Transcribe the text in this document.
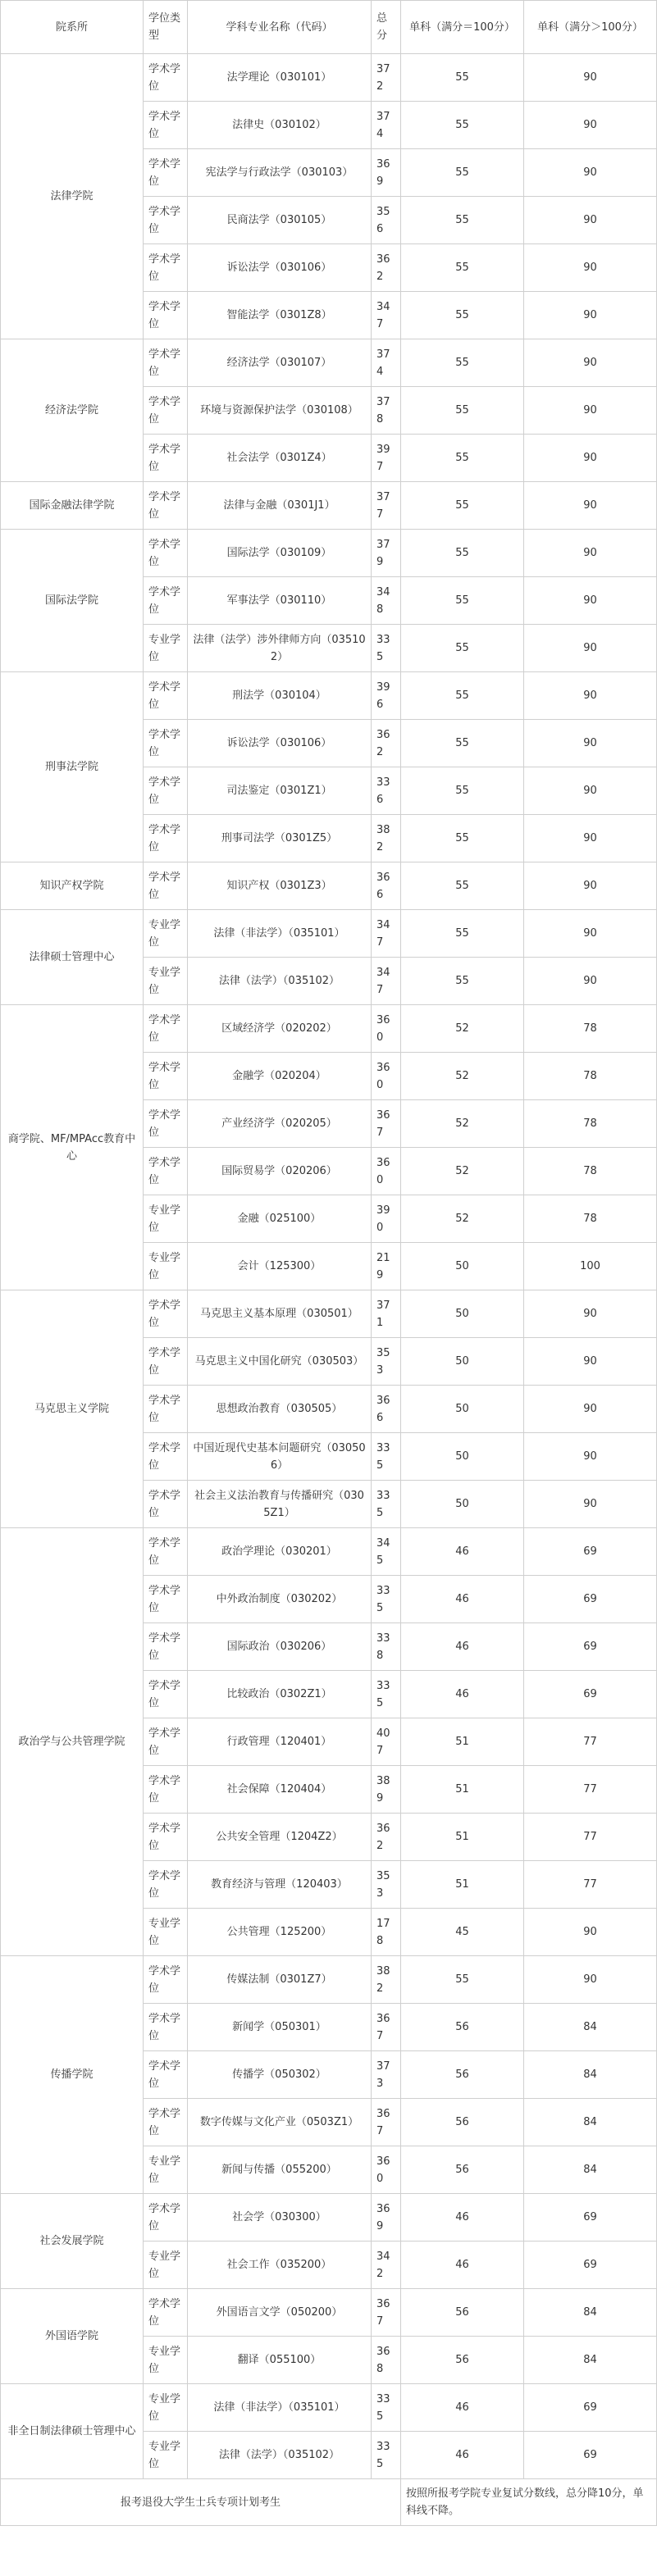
院系所	学位类型	学科专业名称（代码）	总分	单科（满分＝100分）	单科（满分＞100分）
法律学院	学术学位	法学理论（030101）	372	55	90
	学术学位	法律史（030102）	374	55	90
	学术学位	宪法学与行政法学（030103）	369	55	90
	学术学位	民商法学（030105）	356	55	90
	学术学位	诉讼法学（030106）	362	55	90
	学术学位	智能法学（0301Z8）	347	55	90
经济法学院	学术学位	经济法学（030107）	374	55	90
	学术学位	环境与资源保护法学（030108）	378	55	90
	学术学位	社会法学（0301Z4）	397	55	90
国际金融法律学院	学术学位	法律与金融（0301J1）	377	55	90
国际法学院	学术学位	国际法学（030109）	379	55	90
	学术学位	军事法学（030110）	348	55	90
	专业学位	法律（法学）涉外律师方向（035102）	335	55	90
刑事法学院	学术学位	刑法学（030104）	396	55	90
	学术学位	诉讼法学（030106）	362	55	90
	学术学位	司法鉴定（0301Z1）	336	55	90
	学术学位	刑事司法学（0301Z5）	382	55	90
知识产权学院	学术学位	知识产权（0301Z3）	366	55	90
法律硕士管理中心	专业学位	法律（非法学）（035101）	347	55	90
	专业学位	法律（法学）（035102）	347	55	90
商学院、MF/MPAcc教育中心	学术学位	区域经济学（020202）	360	52	78
	学术学位	金融学（020204）	360	52	78
	学术学位	产业经济学（020205）	367	52	78
	学术学位	国际贸易学（020206）	360	52	78
	专业学位	金融（025100）	390	52	78
	专业学位	会计（125300）	219	50	100
马克思主义学院	学术学位	马克思主义基本原理（030501）	371	50	90
	学术学位	马克思主义中国化研究（030503）	353	50	90
	学术学位	思想政治教育（030505）	366	50	90
	学术学位	中国近现代史基本问题研究（030506）	335	50	90
	学术学位	社会主义法治教育与传播研究（0305Z1）	335	50	90
政治学与公共管理学院	学术学位	政治学理论（030201）	345	46	69
	学术学位	中外政治制度（030202）	335	46	69
	学术学位	国际政治（030206）	338	46	69
	学术学位	比较政治（0302Z1）	335	46	69
	学术学位	行政管理（120401）	407	51	77
	学术学位	社会保障（120404）	389	51	77
	学术学位	公共安全管理（1204Z2）	362	51	77
	学术学位	教育经济与管理（120403）	353	51	77
	专业学位	公共管理（125200）	178	45	90
传播学院	学术学位	传媒法制（0301Z7）	382	55	90
	学术学位	新闻学（050301）	367	56	84
	学术学位	传播学（050302）	373	56	84
	学术学位	数字传媒与文化产业（0503Z1）	367	56	84
	专业学位	新闻与传播（055200）	360	56	84
社会发展学院	学术学位	社会学（030300）	369	46	69
	专业学位	社会工作（035200）	342	46	69
外国语学院	学术学位	外国语言文学（050200）	367	56	84
	专业学位	翻译（055100）	368	56	84
非全日制法律硕士管理中心	专业学位	法律（非法学）（035101）	335	46	69
	专业学位	法律（法学）（035102）	335	46	69
报考退役大学生士兵专项计划考生				按照所报考学院专业复试分数线，总分降10分，单科线不降。	
